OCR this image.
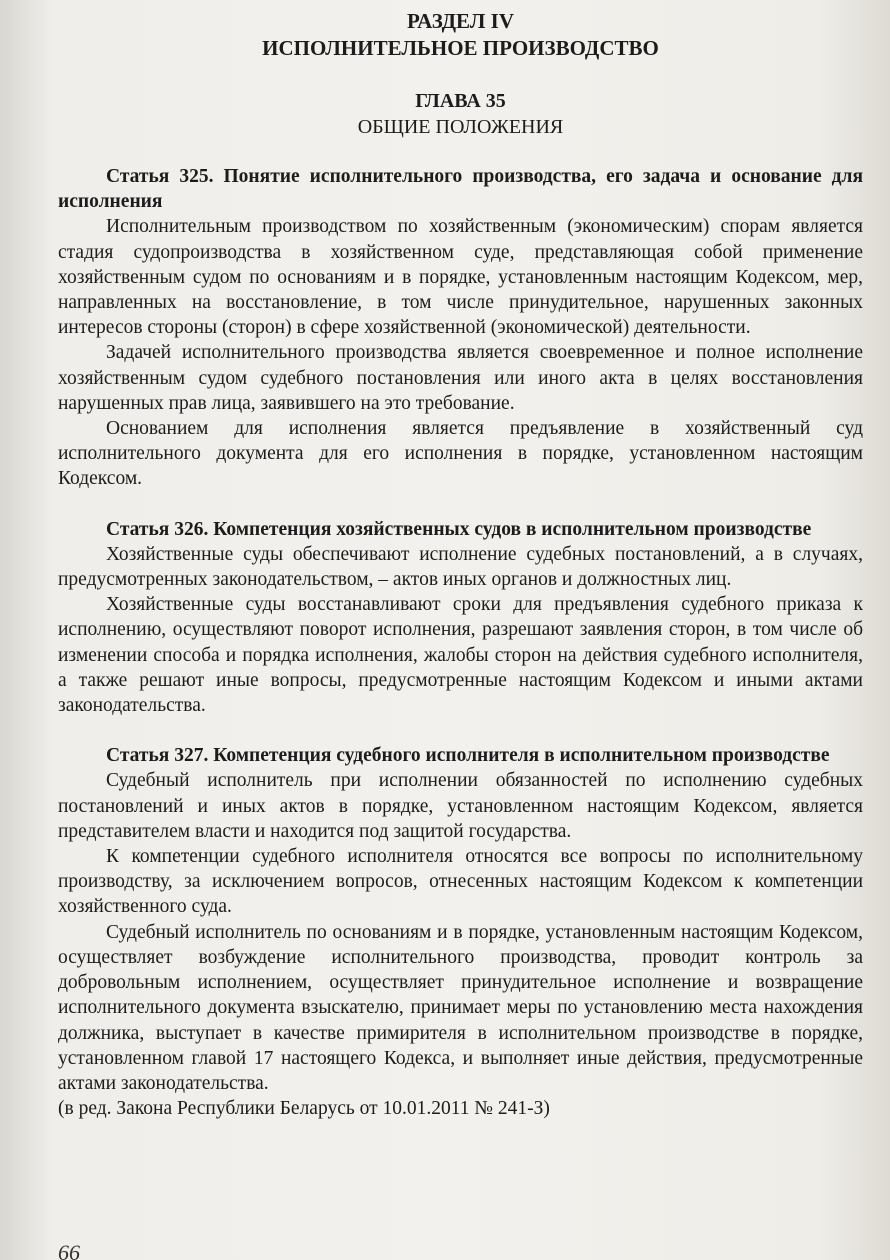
РАЗДЕЛ IV

ИСПОЛНИТЕЛЬНОЕ ПРОИЗВОДСТВО

ГЛАВА 35

ОБЩИЕ ПОЛОЖЕНИЯ

Статья 325. Понятие исполнительного производства, его задача и основание для исполнения

Исполнительным производством по хозяйственным (экономическим) спорам является стадия судопроизводства в хозяйственном суде, представляющая собой применение хозяйственным судом по основаниям и в порядке, установленным настоящим Кодексом, мер, направленных на восстановление, в том числе принудительное, нарушенных законных интересов стороны (сторон) в сфере хозяйственной (экономической) деятельности.

Задачей исполнительного производства является своевременное и полное исполнение хозяйственным судом судебного постановления или иного акта в целях восстановления нарушенных прав лица, заявившего на это требование.

Основанием для исполнения является предъявление в хозяйственный суд исполнительного документа для его исполнения в порядке, установленном настоящим Кодексом.

Статья 326. Компетенция хозяйственных судов в исполнительном производстве

Хозяйственные суды обеспечивают исполнение судебных постановлений, а в случаях, предусмотренных законодательством, – актов иных органов и должностных лиц.

Хозяйственные суды восстанавливают сроки для предъявления судебного приказа к исполнению, осуществляют поворот исполнения, разрешают заявления сторон, в том числе об изменении способа и порядка исполнения, жалобы сторон на действия судебного исполнителя, а также решают иные вопросы, предусмотренные настоящим Кодексом и иными актами законодательства.

Статья 327. Компетенция судебного исполнителя в исполнительном производстве

Судебный исполнитель при исполнении обязанностей по исполнению судебных постановлений и иных актов в порядке, установленном настоящим Кодексом, является представителем власти и находится под защитой государства.

К компетенции судебного исполнителя относятся все вопросы по исполнительному производству, за исключением вопросов, отнесенных настоящим Кодексом к компетенции хозяйственного суда.

Судебный исполнитель по основаниям и в порядке, установленным настоящим Кодексом, осуществляет возбуждение исполнительного производства, проводит контроль за добровольным исполнением, осуществляет принудительное исполнение и возвращение исполнительного документа взыскателю, принимает меры по установлению места нахождения должника, выступает в качестве примирителя в исполнительном производстве в порядке, установленном главой 17 настоящего Кодекса, и выполняет иные действия, предусмотренные актами законодательства.

(в ред. Закона Республики Беларусь от 10.01.2011 № 241-З)

66
